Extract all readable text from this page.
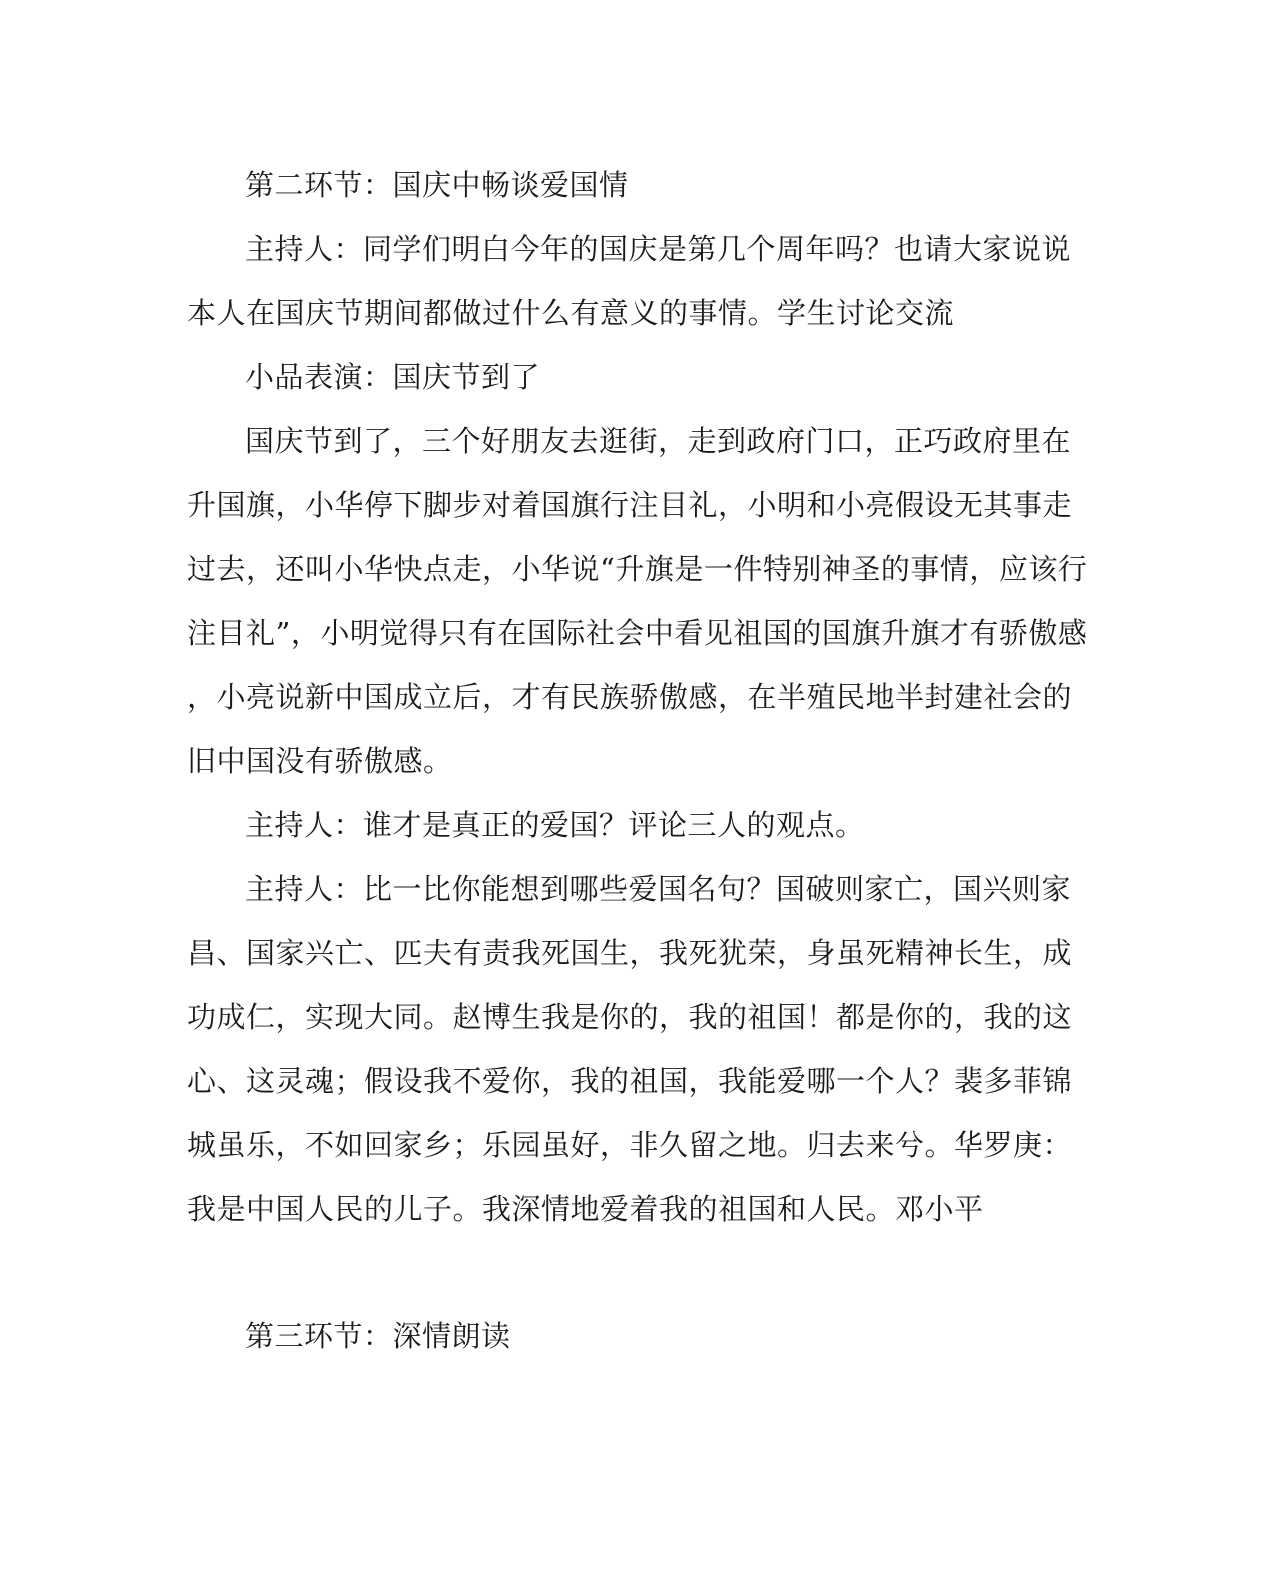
第二环节：国庆中畅谈爱国情
主持人：同学们明白今年的国庆是第几个周年吗？也请大家说说
本人在国庆节期间都做过什么有意义的事情。学生讨论交流
小品表演：国庆节到了
国庆节到了，三个好朋友去逛街，走到政府门口，正巧政府里在
升国旗，小华停下脚步对着国旗行注目礼，小明和小亮假设无其事走
过去，还叫小华快点走，小华说“升旗是一件特别神圣的事情，应该行
注目礼”，小明觉得只有在国际社会中看见祖国的国旗升旗才有骄傲感
，小亮说新中国成立后，才有民族骄傲感，在半殖民地半封建社会的
旧中国没有骄傲感。
主持人：谁才是真正的爱国？评论三人的观点。
主持人：比一比你能想到哪些爱国名句？国破则家亡，国兴则家
昌、国家兴亡、匹夫有责我死国生，我死犹荣，身虽死精神长生，成
功成仁，实现大同。赵博生我是你的，我的祖国！都是你的，我的这
心、这灵魂；假设我不爱你，我的祖国，我能爱哪一个人？裴多菲锦
城虽乐，不如回家乡；乐园虽好，非久留之地。归去来兮。华罗庚：
我是中国人民的儿子。我深情地爱着我的祖国和人民。邓小平
第三环节：深情朗读
